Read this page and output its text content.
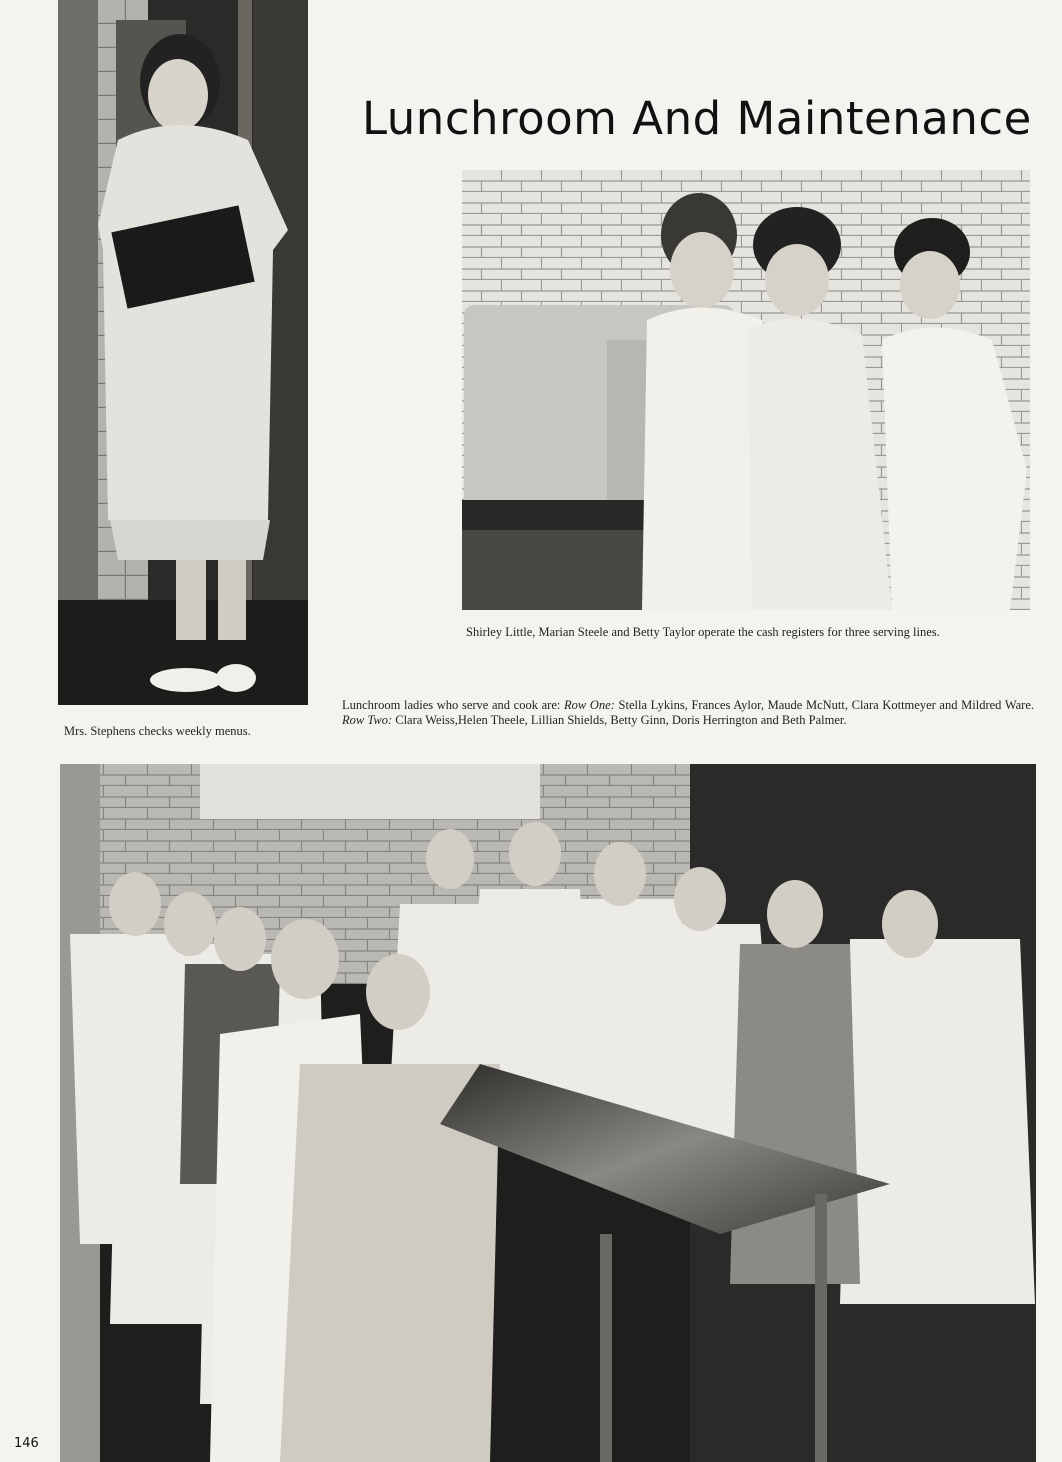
Lunchroom And Maintenance
Shirley Little, Marian Steele and Betty Taylor operate the cash registers for three serving lines.
Lunchroom ladies who serve and cook are: Row One: Stella Lykins, Frances Aylor, Maude McNutt, Clara Kottmeyer and Mildred Ware. Row Two: Clara Weiss,Helen Theele, Lillian Shields, Betty Ginn, Doris Herrington and Beth Palmer.
Mrs. Stephens checks weekly menus.
146
